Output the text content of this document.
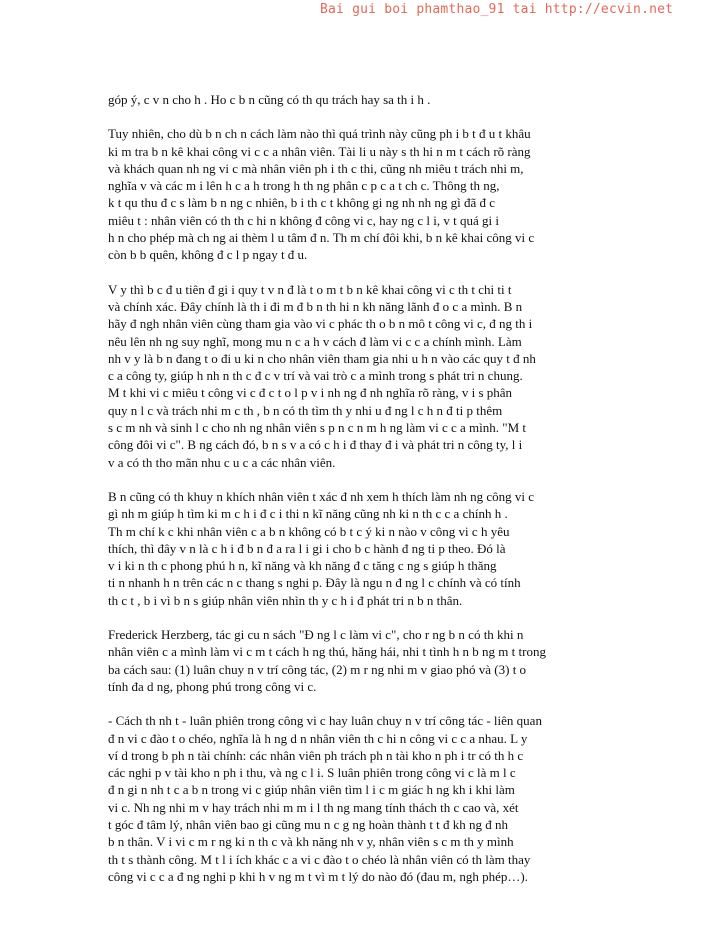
Bai gui boi phamthao_91 tai http://ecvin.net

góp ý, c v n cho h . Ho c b n cũng có th qu trách hay sa th i h .

Tuy nhiên, cho dù b n ch n cách làm nào thì quá trình này cũng ph i b t đ u t khâu
ki m tra b n kê khai công vi c c a nhân viên. Tài li u này s th hi n m t cách rõ ràng
và khách quan nh ng vi c mà nhân viên ph i th c thi, cũng nh miêu t trách nhi m,
nghĩa v và các m i lên h c a h trong h th ng phân c p c a t ch c. Thông th ng,
k t qu thu đ c s làm b n ng c nhiên, b i th c t không gi ng nh nh ng gì đã đ c
miêu t : nhân viên có th th c hi n không đ công vi c, hay ng c l i, v t quá gi i
h n cho phép mà ch ng ai thèm l u tâm đ n. Th m chí đôi khi, b n kê khai công vi c
còn b b quên, không đ c l p ngay t đ u.

V y thì b c đ u tiên đ gi i quy t v n đ là t o m t b n kê khai công vi c th t chi ti t
và chính xác. Đây chính là th i đi m đ b n th hi n kh năng lãnh đ o c a mình. B n
hãy đ ngh nhân viên cùng tham gia vào vi c phác th o b n mô t công vi c, đ ng th i
nêu lên nh ng suy nghĩ, mong mu n c a h v cách đ làm vi c c a chính mình. Làm
nh v y là b n đang t o đi u ki n cho nhân viên tham gia nhi u h n vào các quy t đ nh
c a công ty, giúp h nh n th c đ c v trí và vai trò c a mình trong s phát tri n chung.
M t khi vi c miêu t công vi c đ c t o l p v i nh ng đ nh nghĩa rõ ràng, v i s phân
quy n l c và trách nhi m c th , b n có th tìm th y nhi u đ ng l c h n đ ti p thêm
s c m nh và sinh l c cho nh ng nhân viên s p n c n m h ng làm vi c c a mình. "M t
công đôi vi c". B ng cách đó, b n s v a có c h i đ thay đ i và phát tri n công ty, l i
v a có th tho mãn nhu c u c a các nhân viên.

B n cũng có th khuy n khích nhân viên t xác đ nh xem h thích làm nh ng công vi c
gì nh m giúp h tìm ki m c h i đ c i thi n kĩ năng cũng nh ki n th c c a chính h .
Th m chí k c khi nhân viên c a b n không có b t c ý ki n nào v công vi c h yêu
thích, thì đây v n là c h i đ b n đ a ra l i gi i cho b c hành đ ng ti p theo. Đó là
v i ki n th c phong phú h n, kĩ năng và kh năng đ c tăng c ng s giúp h thăng
ti n nhanh h n trên các n c thang s nghi p. Đây là ngu n đ ng l c chính và có tính
th c t , b i vì b n s giúp nhân viên nhìn th y c h i đ phát tri n b n thân.

Frederick Herzberg, tác gi cu n sách "Đ ng l c làm vi c", cho r ng b n có th khi n
nhân viên c a mình làm vi c m t cách h ng thú, hăng hái, nhi t tình h n b ng m t trong
ba cách sau: (1) luân chuy n v trí công tác, (2) m r ng nhi m v giao phó và (3) t o
tính đa d ng, phong phú trong công vi c.

- Cách th nh t - luân phiên trong công vi c hay luân chuy n v trí công tác - liên quan
đ n vi c đào t o chéo, nghĩa là h ng d n nhân viên th c hi n công vi c c a nhau. L y
ví d trong b ph n tài chính: các nhân viên ph trách ph n tài kho n ph i tr có th h c
các nghi p v tài kho n ph i thu, và ng c l i. S luân phiên trong công vi c là m l c
đ n gi n nh t c a b n trong vi c giúp nhân viên tìm l i c m giác h ng kh i khi làm
vi c. Nh ng nhi m v hay trách nhi m m i l th ng mang tính thách th c cao và, xét
t góc đ tâm lý, nhân viên bao gi cũng mu n c g ng hoàn thành t t đ kh ng đ nh
b n thân. V i vi c m r ng ki n th c và kh năng nh v y, nhân viên s c m th y mình
th t s thành công. M t l i ích khác c a vi c đào t o chéo là nhân viên có th làm thay
công vi c c a đ ng nghi p khi h v ng m t vì m t lý do nào đó (đau m, ngh phép…).
